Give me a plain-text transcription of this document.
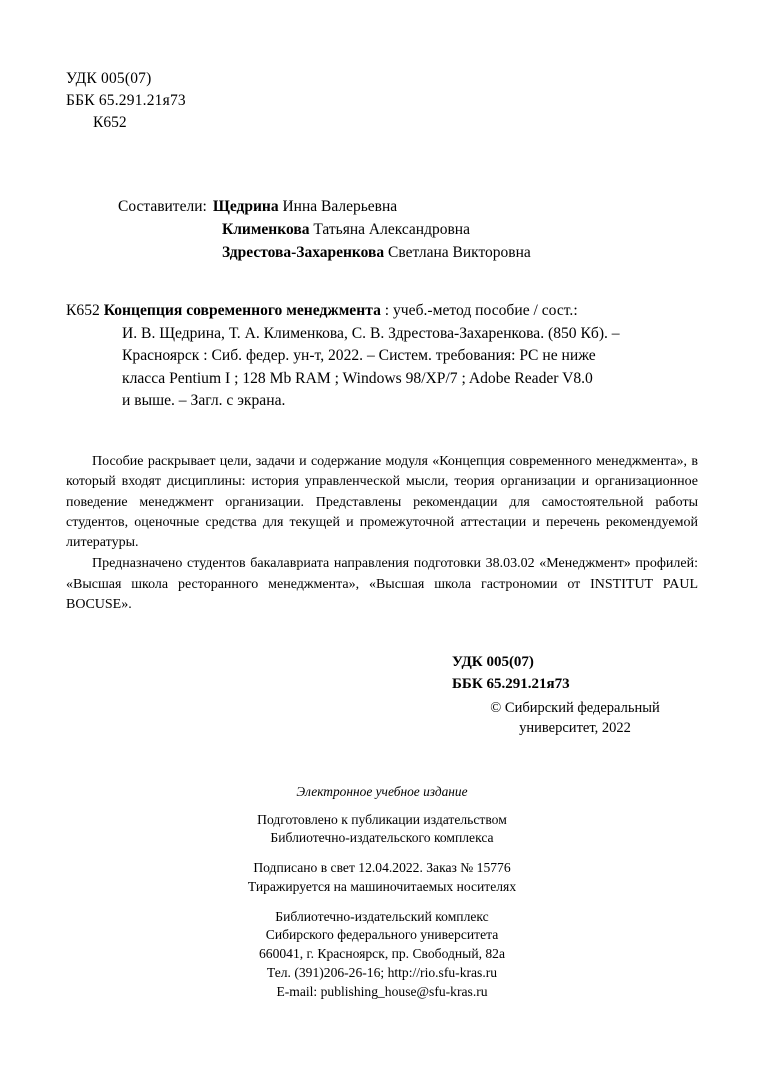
УДК 005(07)
ББК 65.291.21я73
К652
Составители: Щедрина Инна Валерьевна
Клименкова Татьяна Александровна
Здрестова-Захаренкова Светлана Викторовна

К652 Концепция современного менеджмента : учеб.-метод пособие / сост.:

И. В. Щедрина, Т. А. Клименкова, С. В. Здрестова-Захаренкова. (850 Кб). –

Красноярск : Сиб. федер. ун-т, 2022. – Систем. требования: PC не ниже

класса Pentium I ; 128 Mb RAM ; Windows 98/XP/7 ; Adobe Reader V8.0

и выше. – Загл. с экрана.

Пособие раскрывает цели, задачи и содержание модуля «Концепция современного менеджмента», в который входят дисциплины: история управленческой мысли, теория организации и организационное поведение менеджмент организации. Представлены рекомендации для самостоятельной работы студентов, оценочные средства для текущей и промежуточной аттестации и перечень рекомендуемой литературы.

Предназначено студентов бакалавриата направления подготовки 38.03.02 «Менеджмент» профилей: «Высшая школа ресторанного менеджмента», «Высшая школа гастрономии от INSTITUT PAUL BOCUSE».

УДК 005(07)
ББК 65.291.21я73
© Сибирский федеральный
университет, 2022
Электронное учебное издание
Подготовлено к публикации издательством
Библиотечно-издательского комплекса
Подписано в свет 12.04.2022. Заказ № 15776
Тиражируется на машиночитаемых носителях
Библиотечно-издательский комплекс
Сибирского федерального университета
660041, г. Красноярск, пр. Свободный, 82а
Тел. (391)206-26-16; http://rio.sfu-kras.ru
E-mail: publishing_house@sfu-kras.ru
